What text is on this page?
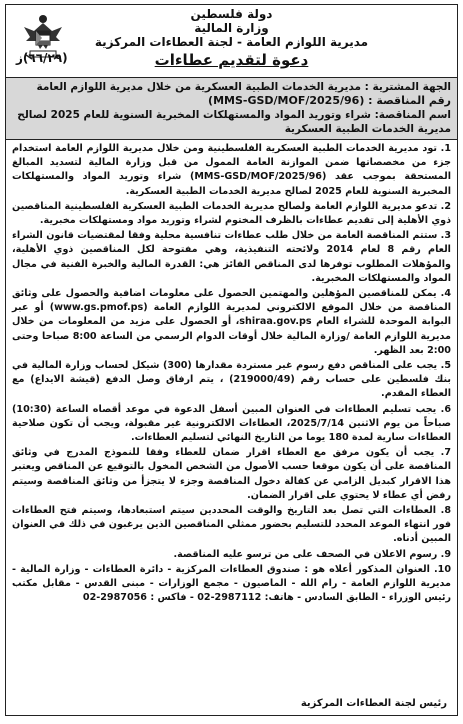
دولة فلسطين
وزارة المالية
مديرية اللوازم العامة - لجنة العطاءات المركزية
دعوة لتقديم عطاءات
(٦٦/٢٩)ز
الجهة المشترية : مديرية الخدمات الطبية العسكرية من خلال مديرية اللوازم العامة
رقم المناقصة : (MMS-GSD/MOF/2025/96)
اسم المناقصة: شراء وتوريد المواد والمستهلكات المخبرية السنوية للعام 2025 لصالح مديرية الخدمات الطبية العسكرية
1. تود مديرية الخدمات الطبية العسكرية الفلسطينية ومن خلال مديرية اللوازم العامة استخدام جزء من مخصصاتها ضمن الموازنة العامة الممول من قبل وزارة المالية لتسديد المبالغ المستحقة بموجب عقد (MMS-GSD/MOF/2025/96) شراء وتوريد المواد والمستهلكات المخبرية السنوية للعام 2025 لصالح مديرية الخدمات الطبية العسكرية.
2. تدعو مديرية اللوازم العامة ولصالح مديرية الخدمات الطبية العسكرية الفلسطينية المناقصين ذوي الأهلية إلى تقديم عطاءات بالظرف المختوم لشراء وتوريد مواد ومستهلكات مخبرية.
3. ستتم المناقصة العامة من خلال طلب عطاءات تنافسية محلية وفقا لمقتضيات قانون الشراء العام رقم 8 لعام 2014 ولائحته التنفيذية، وهي مفتوحة لكل المناقصين ذوي الأهلية، والمؤهلات المطلوب توفرها لدى المناقص الفائز هي: القدرة المالية والخبرة الفنية في مجال المواد والمستهلكات المخبرية.
4. يمكن للمناقصين المؤهلين والمهتمين الحصول على معلومات اضافية والحصول على وثائق المناقصة من خلال الموقع الالكتروني لمديرية اللوازم العامة (www.gs.pmof.ps) أو عبر البوابة الموحدة للشراء العام shiraa.gov.ps، أو الحصول على مزيد من المعلومات من خلال مديرية اللوازم العامة /وزارة المالية خلال أوقات الدوام الرسمي من الساعة 8:00 صباحا وحتى 2:00 بعد الظهر.
5. يجب على المناقص دفع رسوم غير مستردة مقدارها (300) شيكل لحساب وزارة المالية في بنك فلسطين على حساب رقم (219000/49) ، يتم ارفاق وصل الدفع (قيشة الايداع) مع العطاء المقدم.
6. يجب تسليم العطاءات في العنوان المبين أسفل الدعوة في موعد أقصاه الساعة (10:30) صباحاً من يوم الاثنين 2025/7/14، العطاءات الالكترونية غير مقبولة، ويجب أن تكون صلاحية العطاءات سارية لمدة 180 يوما من التاريخ النهائي لتسليم العطاءات.
7. يجب أن يكون مرفق مع العطاء اقرار ضمان للعطاء وفقا للنموذج المدرج في وثائق المناقصة على أن يكون موقعا حسب الأصول من الشخص المخول بالتوقيع عن المناقص ويعتبر هذا الاقرار كبديل الزامي عن كفالة دخول المناقصة وجزء لا يتجزأ من وثائق المناقصة وسيتم رفض أي عطاء لا يحتوي على اقرار الضمان.
8. العطاءات التي تصل بعد التاريخ والوقت المحددين سيتم استبعادها، وسيتم فتح العطاءات فور انتهاء الموعد المحدد للتسليم بحضور ممثلي المناقصين الذين يرغبون في ذلك في العنوان المبين أدناه.
9. رسوم الاعلان في الصحف على من ترسو عليه المناقصة.
10. العنوان المذكور أعلاه هو : صندوق العطاءات المركزية - دائرة العطاءات - وزارة المالية - مديرية اللوازم العامة - رام الله - الماصيون - مجمع الوزارات - مبنى القدس - مقابل مكتب رئيس الوزراء - الطابق السادس - هاتف: 2987112-02 - فاكس : 2987056-02
رئيس لجنة العطاءات المركزية
